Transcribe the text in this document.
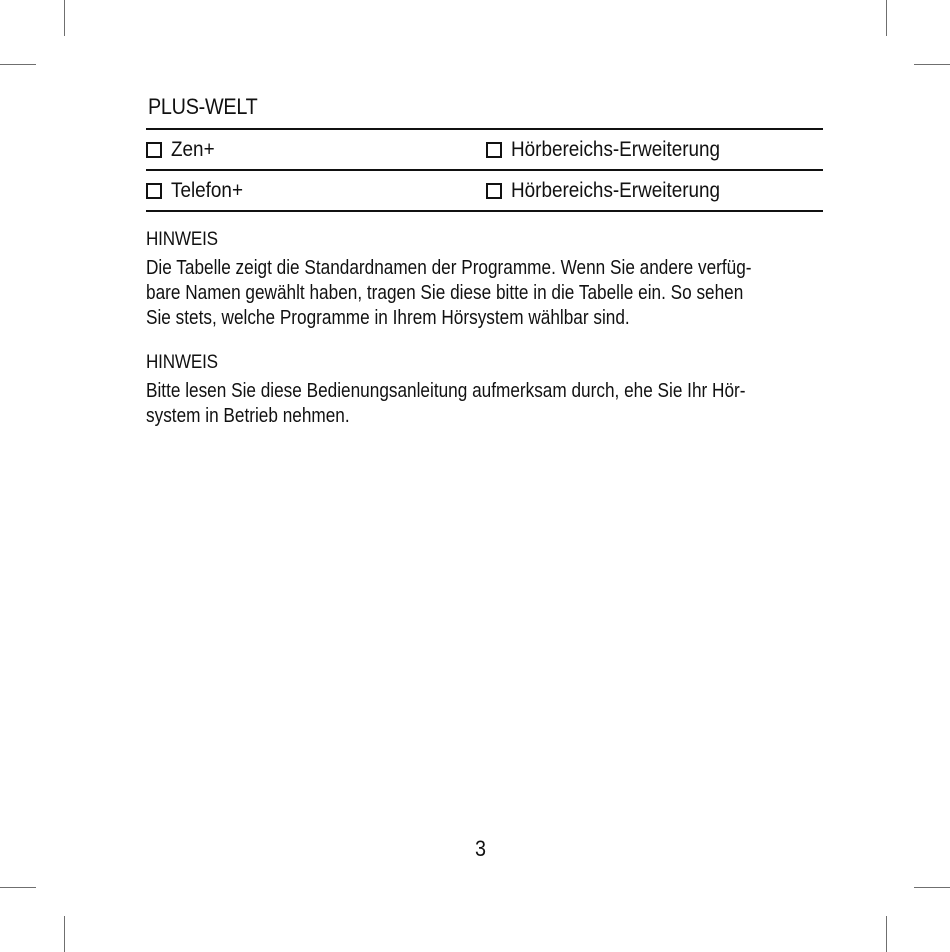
PLUS-WELT
Zen+	Hörbereichs-Erweiterung
Telefon+	Hörbereichs-Erweiterung
HINWEIS
Die Tabelle zeigt die Standardnamen der Programme. Wenn Sie andere verfüg-
bare Namen gewählt haben, tragen Sie diese bitte in die Tabelle ein. So sehen
Sie stets, welche Programme in Ihrem Hörsystem wählbar sind.
HINWEIS
Bitte lesen Sie diese Bedienungsanleitung aufmerksam durch, ehe Sie Ihr Hör-
system in Betrieb nehmen.
3
